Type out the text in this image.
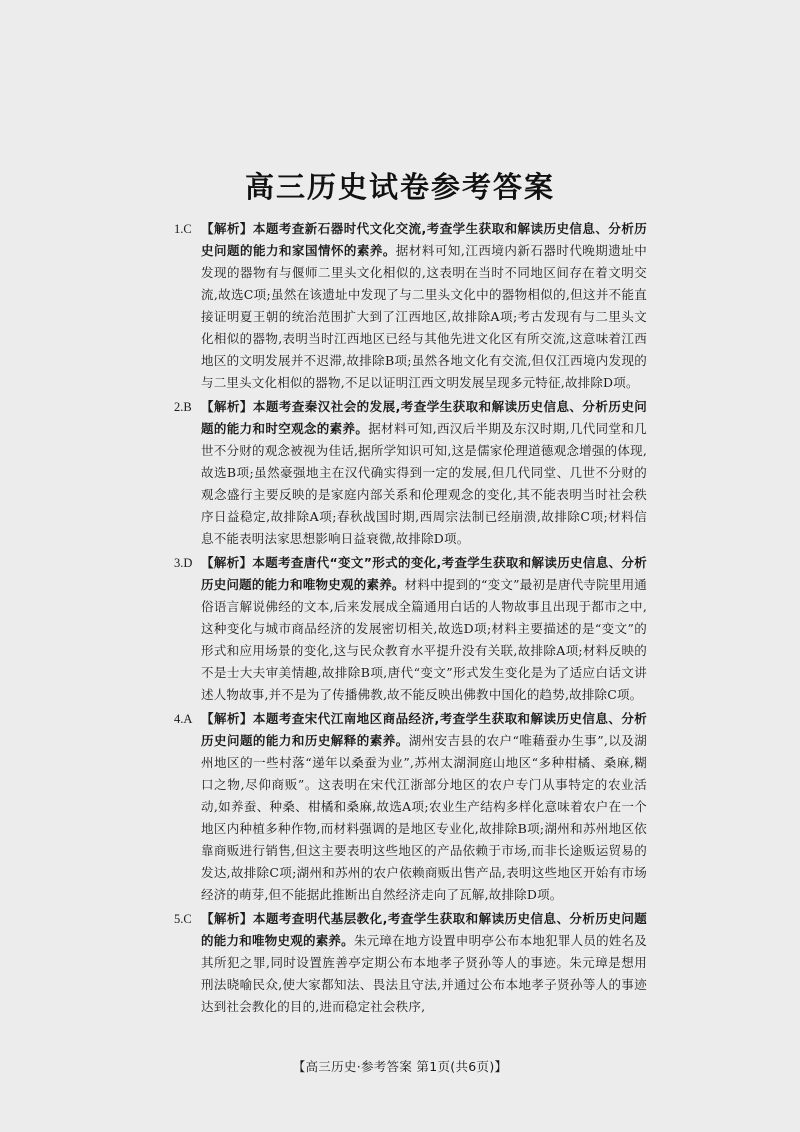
高三历史试卷参考答案
1.C 【解析】本题考查新石器时代文化交流,考查学生获取和解读历史信息、分析历史问题的能力和家国情怀的素养。据材料可知,江西境内新石器时代晚期遗址中发现的器物有与偃师二里头文化相似的,这表明在当时不同地区间存在着文明交流,故选C项;虽然在该遗址中发现了与二里头文化中的器物相似的,但这并不能直接证明夏王朝的统治范围扩大到了江西地区,故排除A项;考古发现有与二里头文化相似的器物,表明当时江西地区已经与其他先进文化区有所交流,这意味着江西地区的文明发展并不迟滞,故排除B项;虽然各地文化有交流,但仅江西境内发现的与二里头文化相似的器物,不足以证明江西文明发展呈现多元特征,故排除D项。
2.B 【解析】本题考查秦汉社会的发展,考查学生获取和解读历史信息、分析历史问题的能力和时空观念的素养。据材料可知,西汉后半期及东汉时期,几代同堂和几世不分财的观念被视为佳话,据所学知识可知,这是儒家伦理道德观念增强的体现,故选B项;虽然豪强地主在汉代确实得到一定的发展,但几代同堂、几世不分财的观念盛行主要反映的是家庭内部关系和伦理观念的变化,其不能表明当时社会秩序日益稳定,故排除A项;春秋战国时期,西周宗法制已经崩溃,故排除C项;材料信息不能表明法家思想影响日益衰微,故排除D项。
3.D 【解析】本题考查唐代“变文”形式的变化,考查学生获取和解读历史信息、分析历史问题的能力和唯物史观的素养。材料中提到的“变文”最初是唐代寺院里用通俗语言解说佛经的文本,后来发展成全篇通用白话的人物故事且出现于都市之中,这种变化与城市商品经济的发展密切相关,故选D项;材料主要描述的是“变文”的形式和应用场景的变化,这与民众教育水平提升没有关联,故排除A项;材料反映的不是士大夫审美情趣,故排除B项,唐代“变文”形式发生变化是为了适应白话文讲述人物故事,并不是为了传播佛教,故不能反映出佛教中国化的趋势,故排除C项。
4.A 【解析】本题考查宋代江南地区商品经济,考查学生获取和解读历史信息、分析历史问题的能力和历史解释的素养。湖州安吉县的农户“唯藉蚕办生事”,以及湖州地区的一些村落“递年以桑蚕为业”,苏州太湖洞庭山地区“多种柑橘、桑麻,糊口之物,尽仰商贩”。这表明在宋代江浙部分地区的农户专门从事特定的农业活动,如养蚕、种桑、柑橘和桑麻,故选A项;农业生产结构多样化意味着农户在一个地区内种植多种作物,而材料强调的是地区专业化,故排除B项;湖州和苏州地区依靠商贩进行销售,但这主要表明这些地区的产品依赖于市场,而非长途贩运贸易的发达,故排除C项;湖州和苏州的农户依赖商贩出售产品,表明这些地区开始有市场经济的萌芽,但不能据此推断出自然经济走向了瓦解,故排除D项。
5.C 【解析】本题考查明代基层教化,考查学生获取和解读历史信息、分析历史问题的能力和唯物史观的素养。朱元璋在地方设置申明亭公布本地犯罪人员的姓名及其所犯之罪,同时设置旌善亭定期公布本地孝子贤孙等人的事迹。朱元璋是想用刑法晓喻民众,使大家都知法、畏法且守法,并通过公布本地孝子贤孙等人的事迹达到社会教化的目的,进而稳定社会秩序,
【高三历史·参考答案 第1页(共6页)】
